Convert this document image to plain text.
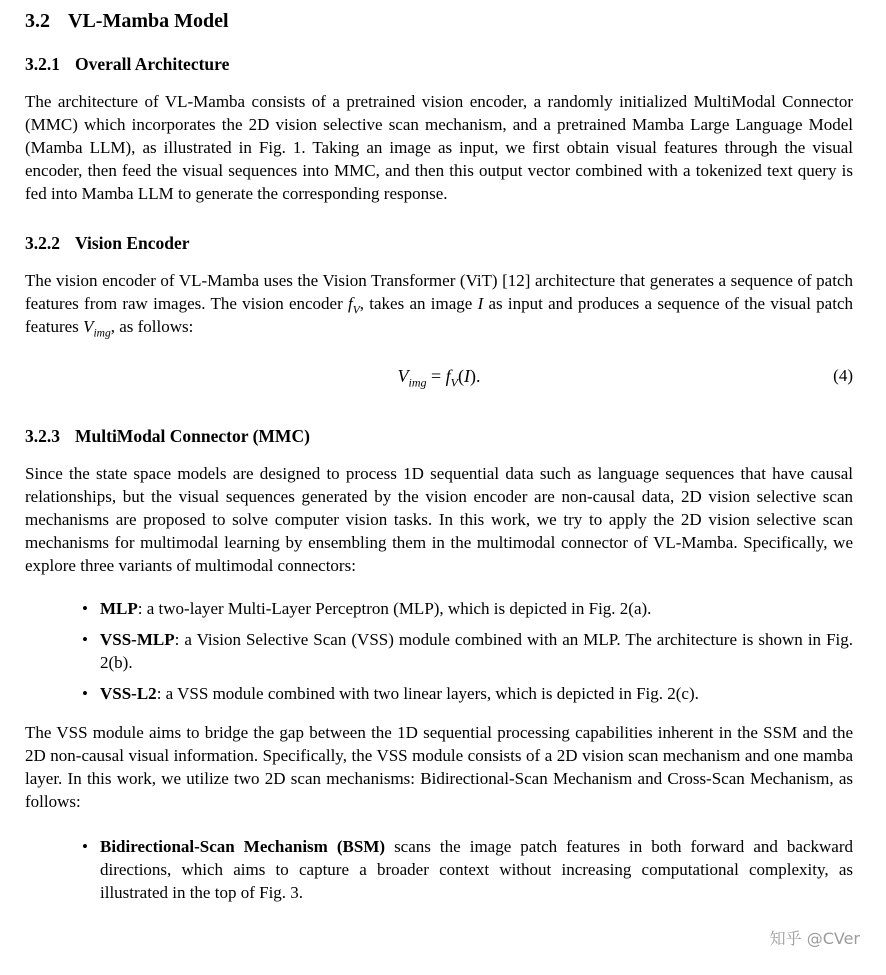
3.2 VL-Mamba Model
3.2.1 Overall Architecture

The architecture of VL-Mamba consists of a pretrained vision encoder, a randomly initialized MultiModal Connector (MMC) which incorporates the 2D vision selective scan mechanism, and a pretrained Mamba Large Language Model (Mamba LLM), as illustrated in Fig. 1. Taking an image as input, we first obtain visual features through the visual encoder, then feed the visual sequences into MMC, and then this output vector combined with a tokenized text query is fed into Mamba LLM to generate the corresponding response.

3.2.2 Vision Encoder

The vision encoder of VL-Mamba uses the Vision Transformer (ViT) [12] architecture that generates a sequence of patch features from raw images. The vision encoder $f_V$, takes an image I as input and produces a sequence of the visual patch features $V_{img}$, as follows:

$V_{img} = f_V(I)$.	(4)
3.2.3 MultiModal Connector (MMC)

Since the state space models are designed to process 1D sequential data such as language sequences that have causal relationships, but the visual sequences generated by the vision encoder are non-causal data, 2D vision selective scan mechanisms are proposed to solve computer vision tasks. In this work, we try to apply the 2D vision selective scan mechanisms for multimodal learning by ensembling them in the multimodal connector of VL-Mamba. Specifically, we explore three variants of multimodal connectors:

• MLP: a two-layer Multi-Layer Perceptron (MLP), which is depicted in Fig. 2(a).
• VSS-MLP: a Vision Selective Scan (VSS) module combined with an MLP. The architecture is shown in Fig. 2(b).
• VSS-L2: a VSS module combined with two linear layers, which is depicted in Fig. 2(c).

The VSS module aims to bridge the gap between the 1D sequential processing capabilities inherent in the SSM and the 2D non-causal visual information. Specifically, the VSS module consists of a 2D vision scan mechanism and one mamba layer. In this work, we utilize two 2D scan mechanisms: Bidirectional-Scan Mechanism and Cross-Scan Mechanism, as follows:

• Bidirectional-Scan Mechanism (BSM) scans the image patch features in both forward and backward directions, which aims to capture a broader context without increasing computational complexity, as illustrated in the top of Fig. 3.
知乎 @CVer
